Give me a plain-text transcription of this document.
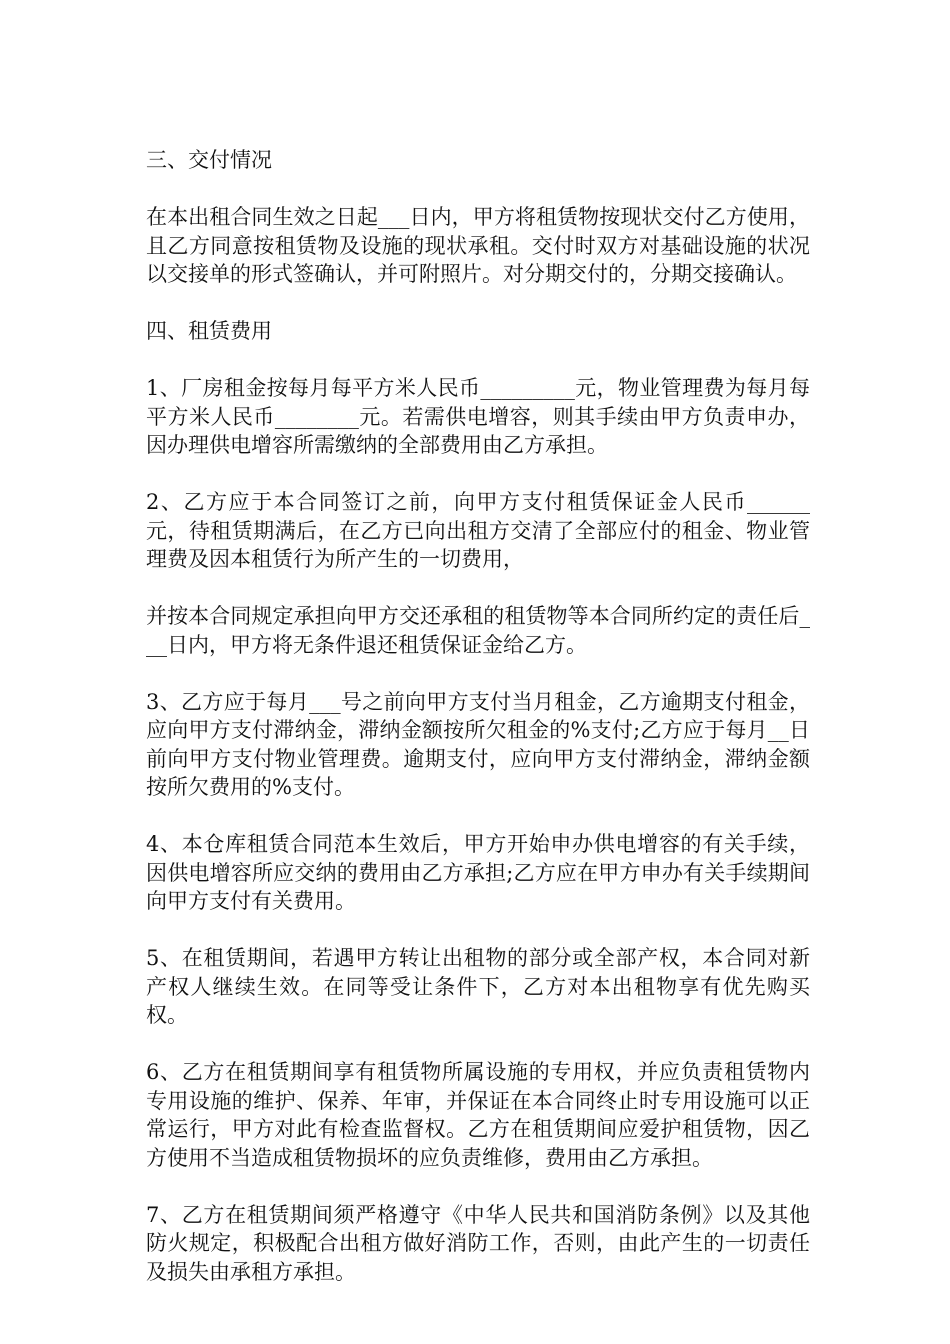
三、交付情况

在本出租合同生效之日起___日内，甲方将租赁物按现状交付乙方使用，且乙方同意按租赁物及设施的现状承租。交付时双方对基础设施的状况以交接单的形式签确认，并可附照片。对分期交付的，分期交接确认。

四、租赁费用

1、厂房租金按每月每平方米人民币_________元，物业管理费为每月每平方米人民币________元。若需供电增容，则其手续由甲方负责申办，因办理供电增容所需缴纳的全部费用由乙方承担。

2、乙方应于本合同签订之前，向甲方支付租赁保证金人民币______元，待租赁期满后，在乙方已向出租方交清了全部应付的租金、物业管理费及因本租赁行为所产生的一切费用，

并按本合同规定承担向甲方交还承租的租赁物等本合同所约定的责任后___日内，甲方将无条件退还租赁保证金给乙方。

3、乙方应于每月___号之前向甲方支付当月租金，乙方逾期支付租金，应向甲方支付滞纳金，滞纳金额按所欠租金的%支付;乙方应于每月__日前向甲方支付物业管理费。逾期支付，应向甲方支付滞纳金，滞纳金额按所欠费用的%支付。

4、本仓库租赁合同范本生效后，甲方开始申办供电增容的有关手续，因供电增容所应交纳的费用由乙方承担;乙方应在甲方申办有关手续期间向甲方支付有关费用。

5、在租赁期间，若遇甲方转让出租物的部分或全部产权，本合同对新产权人继续生效。在同等受让条件下，乙方对本出租物享有优先购买权。

6、乙方在租赁期间享有租赁物所属设施的专用权，并应负责租赁物内专用设施的维护、保养、年审，并保证在本合同终止时专用设施可以正常运行，甲方对此有检查监督权。乙方在租赁期间应爱护租赁物，因乙方使用不当造成租赁物损坏的应负责维修，费用由乙方承担。

7、乙方在租赁期间须严格遵守《中华人民共和国消防条例》以及其他防火规定，积极配合出租方做好消防工作，否则，由此产生的一切责任及损失由承租方承担。
